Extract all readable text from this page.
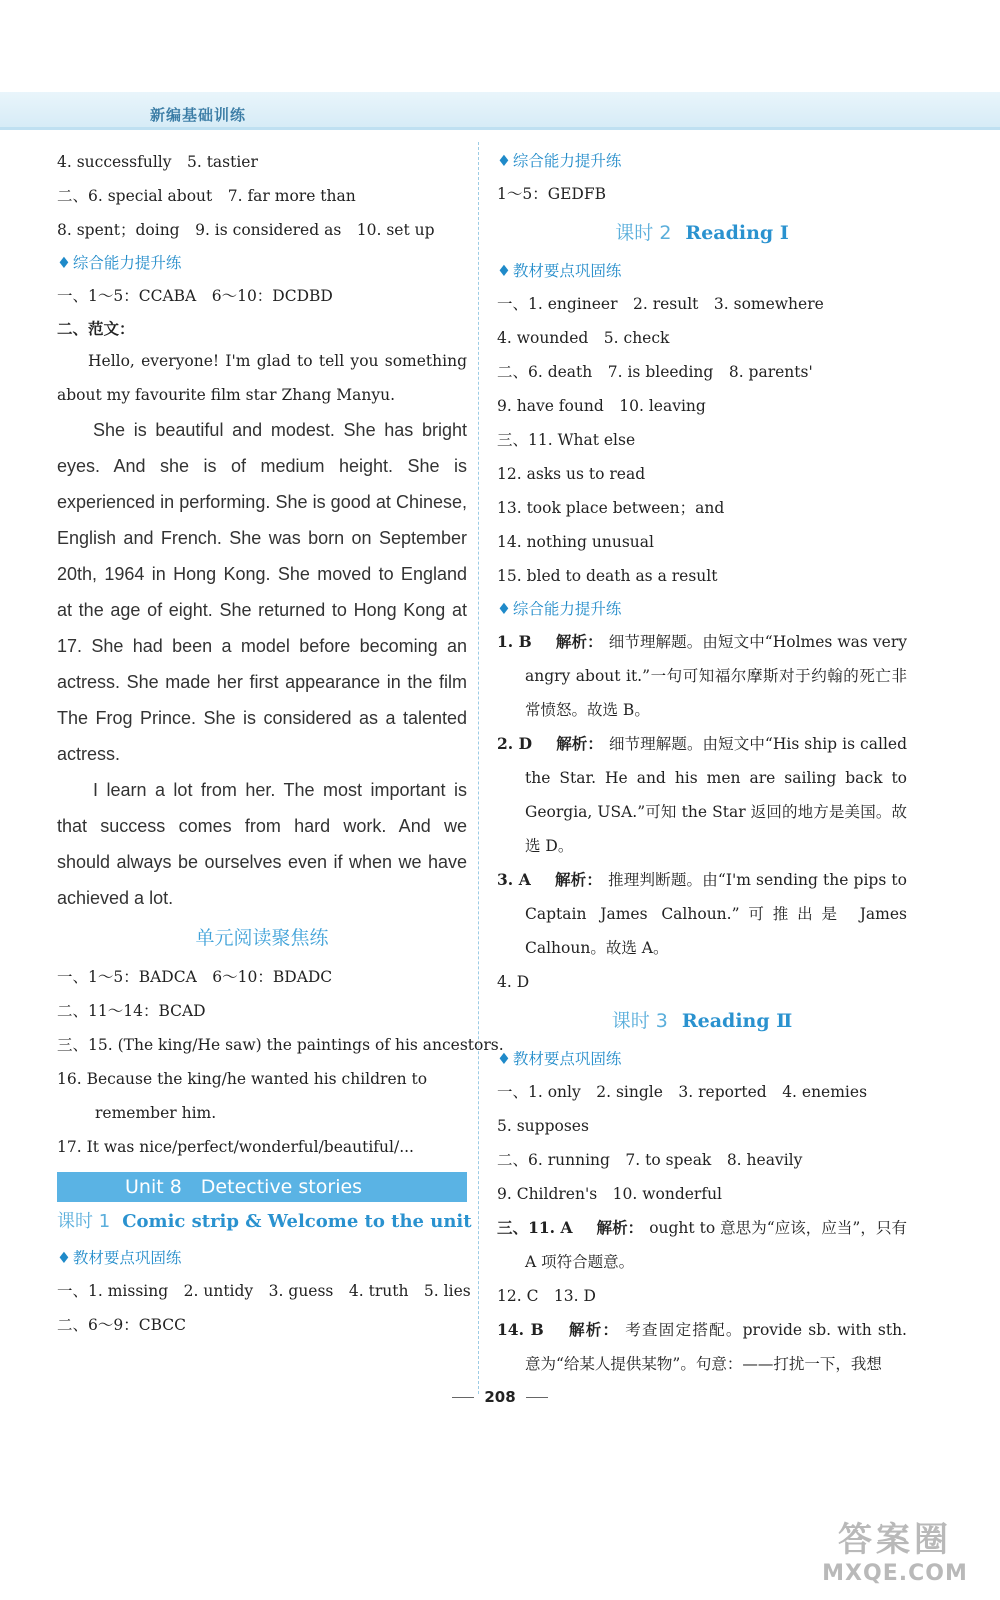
新编基础训练
4. successfully　5. tastier
二、6. special about　7. far more than
8. spent；doing　9. is considered as　10. set up
♦ 综合能力提升练
一、1～5：CCABA　6～10：DCDBD
二、范文：
Hello, everyone! I'm glad to tell you something about my favourite film star Zhang Manyu.
She is beautiful and modest. She has bright eyes. And she is of medium height. She is experienced in performing. She is good at Chinese, English and French. She was born on September 20th, 1964 in Hong Kong. She moved to England at the age of eight. She returned to Hong Kong at 17. She had been a model before becoming an actress. She made her first appearance in the film The Frog Prince. She is considered as a talented actress.
I learn a lot from her. The most important is that success comes from hard work. And we should always be ourselves even if when we have achieved a lot.
单元阅读聚焦练
一、1～5：BADCA　6～10：BDADC
二、11～14：BCAD
三、15. (The king/He saw) the paintings of his ancestors.
16. Because the king/he wanted his children to
remember him.
17. It was nice/perfect/wonderful/beautiful/...
Unit 8　Detective stories
课时 1 Comic strip & Welcome to the unit
♦ 教材要点巩固练
一、1. missing　2. untidy　3. guess　4. truth　5. lies
二、6～9：CBCC
♦ 综合能力提升练
1～5：GEDFB
课时 2 Reading Ⅰ
♦ 教材要点巩固练
一、1. engineer　2. result　3. somewhere
4. wounded　5. check
二、6. death　7. is bleeding　8. parents'
9. have found　10. leaving
三、11. What else
12. asks us to read
13. took place between；and
14. nothing unusual
15. bled to death as a result
♦ 综合能力提升练
1. B 解析： 细节理解题。由短文中“Holmes was very angry about it.”一句可知福尔摩斯对于约翰的死亡非常愤怒。故选 B。
2. D 解析： 细节理解题。由短文中“His ship is called the Star. He and his men are sailing back to Georgia, USA.”可知 the Star 返回的地方是美国。故选 D。
3. A 解析： 推理判断题。由“I'm sending the pips to Captain James Calhoun.”可推出是 James Calhoun。故选 A。
4. D
课时 3 Reading Ⅱ
♦ 教材要点巩固练
一、1. only　2. single　3. reported　4. enemies
5. supposes
二、6. running　7. to speak　8. heavily
9. Children's　10. wonderful
三、11. A 解析： ought to 意思为“应该，应当”，只有 A 项符合题意。
12. C　13. D
14. B 解析： 考查固定搭配。provide sb. with sth. 意为“给某人提供某物”。句意：——打扰一下，我想
208
答案圈
MXQE.COM
